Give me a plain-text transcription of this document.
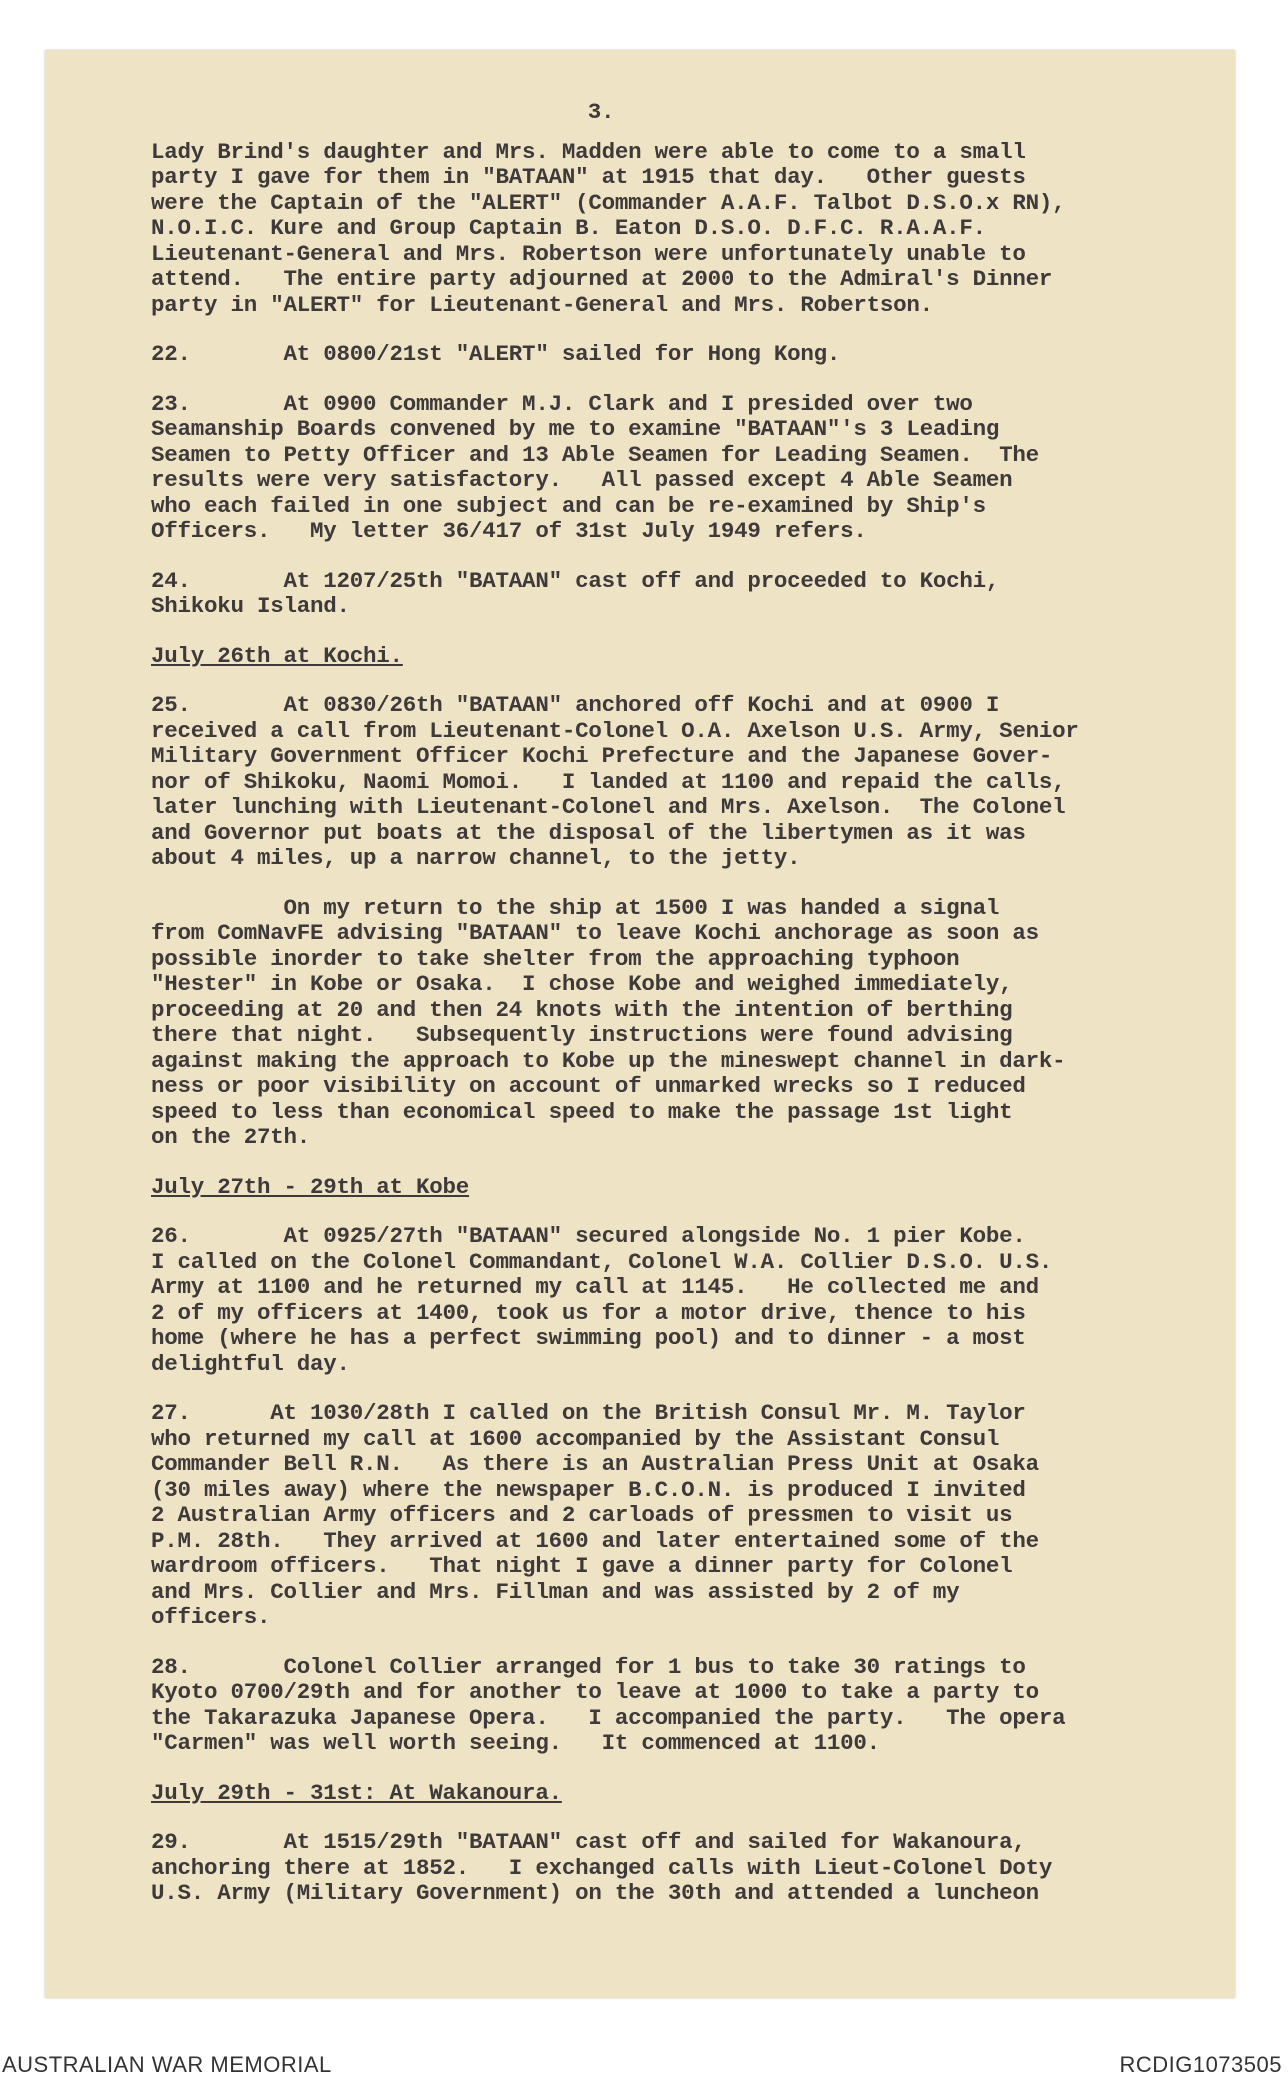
3.
Lady Brind's daughter and Mrs. Madden were able to come to a small
party I gave for them in "BATAAN" at 1915 that day.   Other guests
were the Captain of the "ALERT" (Commander A.A.F. Talbot D.S.O.x RN),
N.O.I.C. Kure and Group Captain B. Eaton D.S.O. D.F.C. R.A.A.F.
Lieutenant-General and Mrs. Robertson were unfortunately unable to
attend.   The entire party adjourned at 2000 to the Admiral's Dinner
party in "ALERT" for Lieutenant-General and Mrs. Robertson.
22.       At 0800/21st "ALERT" sailed for Hong Kong.
23.       At 0900 Commander M.J. Clark and I presided over two
Seamanship Boards convened by me to examine "BATAAN"'s 3 Leading
Seamen to Petty Officer and 13 Able Seamen for Leading Seamen.  The
results were very satisfactory.   All passed except 4 Able Seamen
who each failed in one subject and can be re-examined by Ship's
Officers.   My letter 36/417 of 31st July 1949 refers.
24.       At 1207/25th "BATAAN" cast off and proceeded to Kochi,
Shikoku Island.
July 26th at Kochi.
25.       At 0830/26th "BATAAN" anchored off Kochi and at 0900 I
received a call from Lieutenant-Colonel O.A. Axelson U.S. Army, Senior
Military Government Officer Kochi Prefecture and the Japanese Gover-
nor of Shikoku, Naomi Momoi.   I landed at 1100 and repaid the calls,
later lunching with Lieutenant-Colonel and Mrs. Axelson.  The Colonel
and Governor put boats at the disposal of the libertymen as it was
about 4 miles, up a narrow channel, to the jetty.
On my return to the ship at 1500 I was handed a signal
from ComNavFE advising "BATAAN" to leave Kochi anchorage as soon as
possible inorder to take shelter from the approaching typhoon
"Hester" in Kobe or Osaka.  I chose Kobe and weighed immediately,
proceeding at 20 and then 24 knots with the intention of berthing
there that night.   Subsequently instructions were found advising
against making the approach to Kobe up the mineswept channel in dark-
ness or poor visibility on account of unmarked wrecks so I reduced
speed to less than economical speed to make the passage 1st light
on the 27th.
July 27th - 29th at Kobe
26.       At 0925/27th "BATAAN" secured alongside No. 1 pier Kobe.
I called on the Colonel Commandant, Colonel W.A. Collier D.S.O. U.S.
Army at 1100 and he returned my call at 1145.   He collected me and
2 of my officers at 1400, took us for a motor drive, thence to his
home (where he has a perfect swimming pool) and to dinner - a most
delightful day.
27.      At 1030/28th I called on the British Consul Mr. M. Taylor
who returned my call at 1600 accompanied by the Assistant Consul
Commander Bell R.N.   As there is an Australian Press Unit at Osaka
(30 miles away) where the newspaper B.C.O.N. is produced I invited
2 Australian Army officers and 2 carloads of pressmen to visit us
P.M. 28th.   They arrived at 1600 and later entertained some of the
wardroom officers.   That night I gave a dinner party for Colonel
and Mrs. Collier and Mrs. Fillman and was assisted by 2 of my
officers.
28.       Colonel Collier arranged for 1 bus to take 30 ratings to
Kyoto 0700/29th and for another to leave at 1000 to take a party to
the Takarazuka Japanese Opera.   I accompanied the party.   The opera
"Carmen" was well worth seeing.   It commenced at 1100.
July 29th - 31st: At Wakanoura.
29.       At 1515/29th "BATAAN" cast off and sailed for Wakanoura,
anchoring there at 1852.   I exchanged calls with Lieut-Colonel Doty
U.S. Army (Military Government) on the 30th and attended a luncheon
AUSTRALIAN WAR MEMORIAL	RCDIG1073505
